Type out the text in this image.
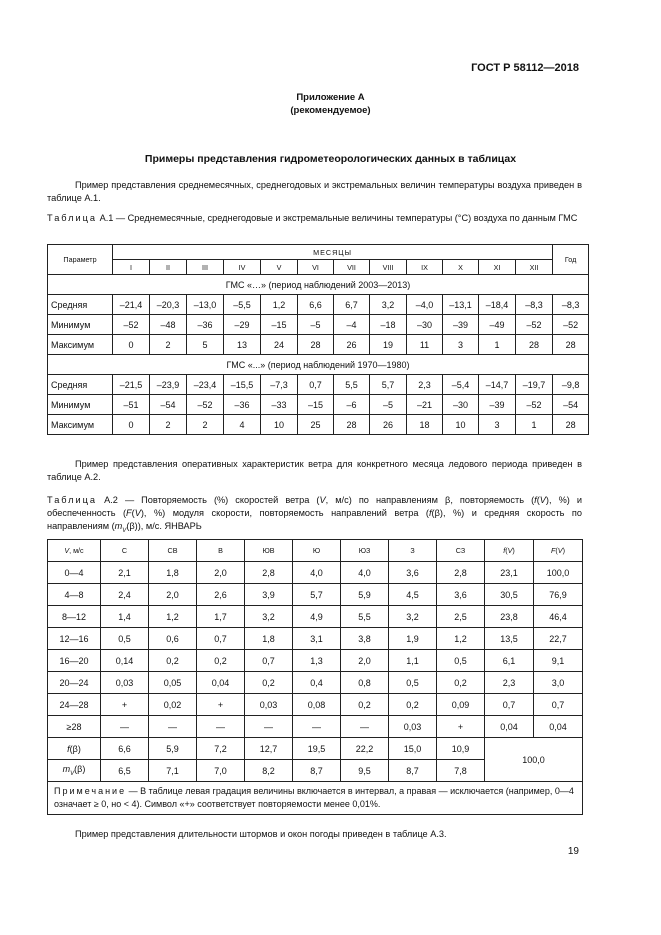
ГОСТ Р 58112—2018
Приложение А
(рекомендуемое)
Примеры представления гидрометеорологических данных в таблицах
Пример представления среднемесячных, среднегодовых и экстремальных величин температуры воздуха приведен в таблице А.1.
Таблица А.1 — Среднемесячные, среднегодовые и экстремальные величины температуры (°С) воздуха по данным ГМС
Параметр	МЕСЯЦЫ												Год
	I	II	III	IV	V	VI	VII	VIII	IX	X	XI	XII	
ГМС «…» (период наблюдений 2003—2013)													
Средняя	–21,4	–20,3	–13,0	–5,5	1,2	6,6	6,7	3,2	–4,0	–13,1	–18,4	–8,3	–8,3
Минимум	–52	–48	–36	–29	–15	–5	–4	–18	–30	–39	–49	–52	–52
Максимум	0	2	5	13	24	28	26	19	11	3	1	28	28
ГМС «...» (период наблюдений 1970—1980)													
Средняя	–21,5	–23,9	–23,4	–15,5	–7,3	0,7	5,5	5,7	2,3	–5,4	–14,7	–19,7	–9,8
Минимум	–51	–54	–52	–36	–33	–15	–6	–5	–21	–30	–39	–52	–54
Максимум	0	2	2	4	10	25	28	26	18	10	3	1	28
Пример представления оперативных характеристик ветра для конкретного месяца ледового периода приведен в таблице А.2.
Таблица А.2 — Повторяемость (%) скоростей ветра (V, м/с) по направлениям β, повторяемость (f(V), %) и обеспеченность (F(V), %) модуля скорости, повторяемость направлений ветра (f(β), %) и средняя скорость по направлениям $(m_V(\beta))$, м/с. ЯНВАРЬ
V, м/с	С	СВ	В	ЮВ	Ю	ЮЗ	З	СЗ	f(V)	F(V)
0—4	2,1	1,8	2,0	2,8	4,0	4,0	3,6	2,8	23,1	100,0
4—8	2,4	2,0	2,6	3,9	5,7	5,9	4,5	3,6	30,5	76,9
8—12	1,4	1,2	1,7	3,2	4,9	5,5	3,2	2,5	23,8	46,4
12—16	0,5	0,6	0,7	1,8	3,1	3,8	1,9	1,2	13,5	22,7
16—20	0,14	0,2	0,2	0,7	1,3	2,0	1,1	0,5	6,1	9,1
20—24	0,03	0,05	0,04	0,2	0,4	0,8	0,5	0,2	2,3	3,0
24—28	+	0,02	+	0,03	0,08	0,2	0,2	0,09	0,7	0,7
≥28	—	—	—	—	—	—	0,03	+	0,04	0,04
f(β)	6,6	5,9	7,2	12,7	19,5	22,2	15,0	10,9	100,0	
$m_V(\beta)$	6,5	7,1	7,0	8,2	8,7	9,5	8,7	7,8		
Примечание — В таблице левая градация величины включается в интервал, а правая — исключается (например, 0—4 означает ≥ 0, но < 4). Символ «+» соответствует повторяемости менее 0,01%.										
Пример представления длительности штормов и окон погоды приведен в таблице А.3.
19
